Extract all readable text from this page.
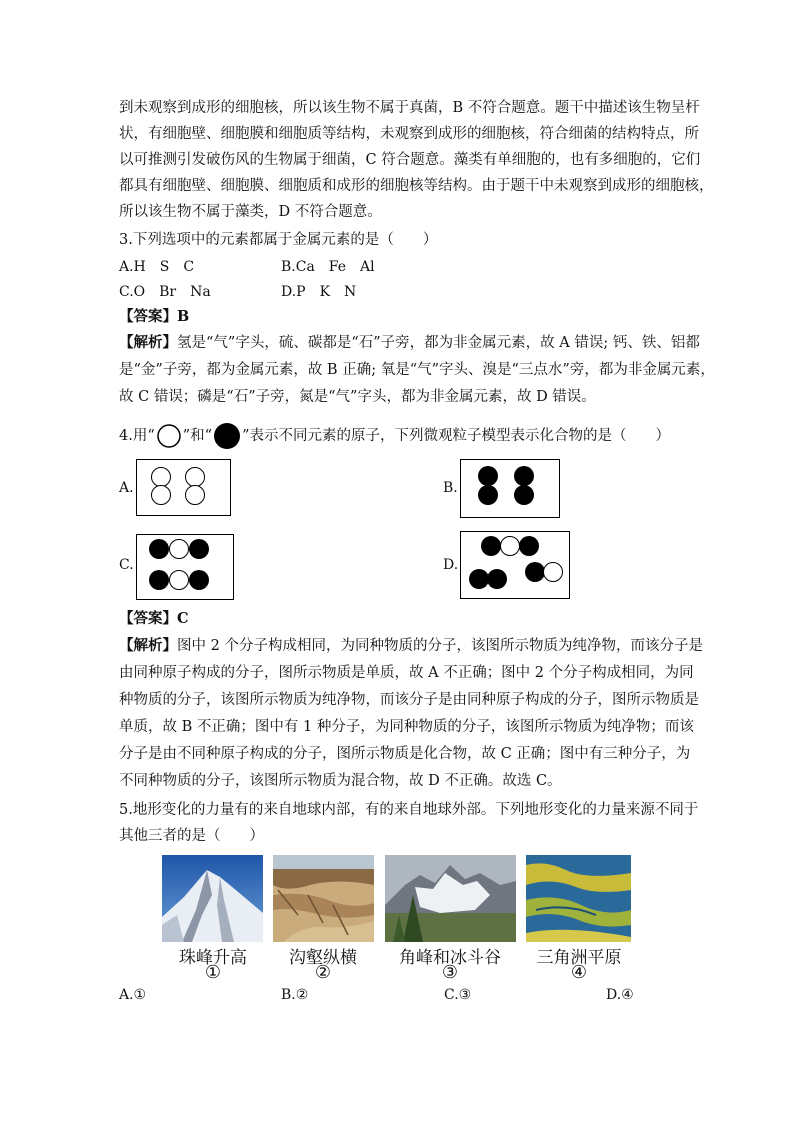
到未观察到成形的细胞核，所以该生物不属于真菌，B 不符合题意。题干中描述该生物呈杆
状，有细胞壁、细胞膜和细胞质等结构，未观察到成形的细胞核，符合细菌的结构特点，所
以可推测引发破伤风的生物属于细菌，C 符合题意。藻类有单细胞的，也有多细胞的，它们
都具有细胞壁、细胞膜、细胞质和成形的细胞核等结构。由于题干中未观察到成形的细胞核，
所以该生物不属于藻类，D 不符合题意。
3.下列选项中的元素都属于金属元素的是（　　）
A.H　S　C	B.Ca　Fe　Al
C.O　Br　Na	D.P　K　N
【答案】B
【解析】氢是“气”字头，硫、碳都是“石”子旁，都为非金属元素，故 A 错误; 钙、铁、铝都
是“金”子旁，都为金属元素，故 B 正确; 氧是“气”字头、溴是“三点水”旁，都为非金属元素，
故 C 错误；磷是“石”子旁，氮是“气”字头，都为非金属元素，故 D 错误。
4.用“ ”和“ ”表示不同元素的原子，下列微观粒子模型表示化合物的是（　　）
A.	B.
C.	D.
【答案】C
【解析】图中 2 个分子构成相同，为同种物质的分子，该图所示物质为纯净物，而该分子是
由同种原子构成的分子，图所示物质是单质，故 A 不正确；图中 2 个分子构成相同，为同
种物质的分子，该图所示物质为纯净物，而该分子是由同种原子构成的分子，图所示物质是
单质，故 B 不正确；图中有 1 种分子，为同种物质的分子，该图所示物质为纯净物；而该
分子是由不同种原子构成的分子，图所示物质是化合物，故 C 正确；图中有三种分子，为
不同种物质的分子，该图所示物质为混合物，故 D 不正确。故选 C。
5.地形变化的力量有的来自地球内部，有的来自地球外部。下列地形变化的力量来源不同于
其他三者的是（　　）
珠峰升高	沟壑纵横	角峰和冰斗谷	三角洲平原
①	②	③	④
A.①	B.②	C.③	D.④
